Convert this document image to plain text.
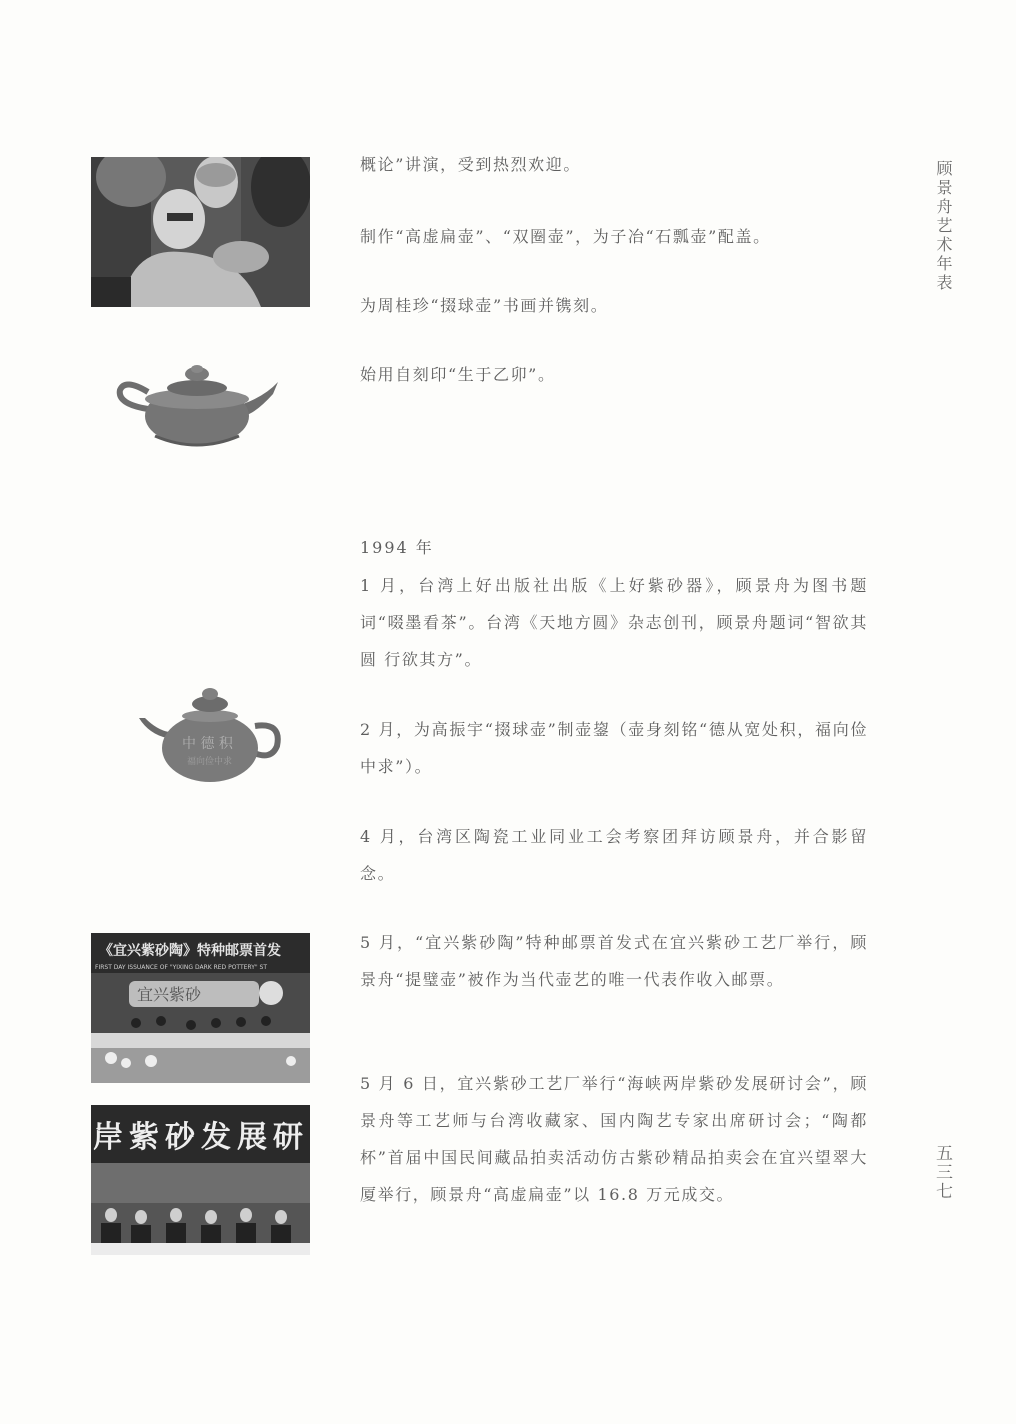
顾景舟艺术年表
五三七
中 德 积
福向俭中求
《宜兴紫砂陶》特种邮票首发
FIRST DAY ISSUANCE OF "YIXING DARK RED POTTERY" ST
宜兴紫砂
岸紫砂发展研
概论”讲演，受到热烈欢迎。
制作“高虚扁壶”、“双圈壶”，为子冶“石瓢壶”配盖。
为周桂珍“掇球壶”书画并镌刻。
始用自刻印“生于乙卯”。
1994 年
1 月，台湾上好出版社出版《上好紫砂器》，顾景舟为图书题词“啜墨看茶”。台湾《天地方圆》杂志创刊，顾景舟题词“智欲其圆 行欲其方”。
2 月，为高振宇“掇球壶”制壶鋆（壶身刻铭“德从宽处积，福向俭中求”）。
4 月，台湾区陶瓷工业同业工会考察团拜访顾景舟，并合影留念。
5 月，“宜兴紫砂陶”特种邮票首发式在宜兴紫砂工艺厂举行，顾景舟“提璧壶”被作为当代壶艺的唯一代表作收入邮票。
5 月 6 日，宜兴紫砂工艺厂举行“海峡两岸紫砂发展研讨会”，顾景舟等工艺师与台湾收藏家、国内陶艺专家出席研讨会；“陶都杯”首届中国民间藏品拍卖活动仿古紫砂精品拍卖会在宜兴望翠大厦举行，顾景舟“高虚扁壶”以 16.8 万元成交。
